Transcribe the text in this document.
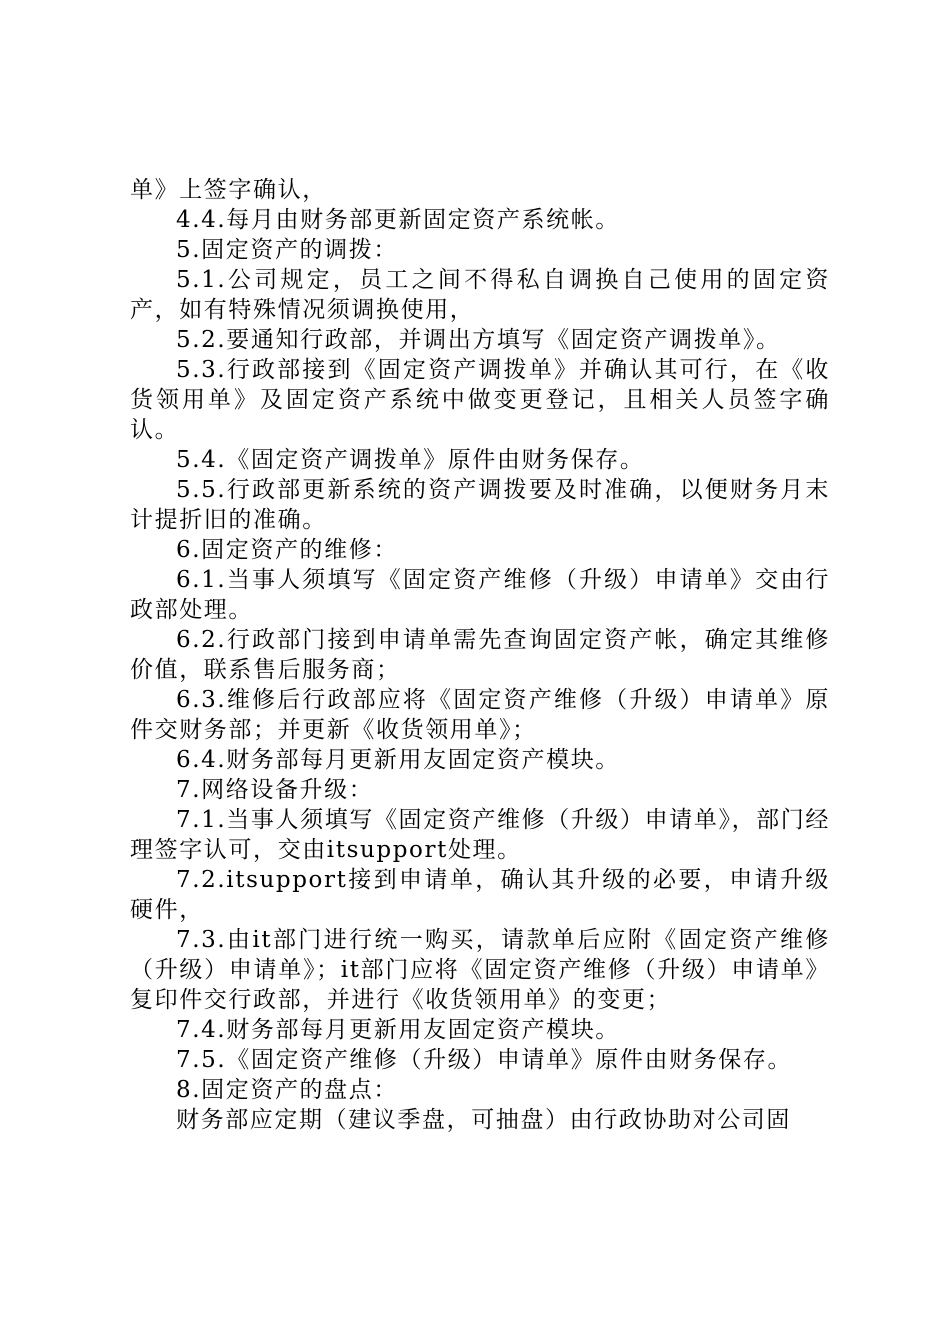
单》上签字确认，

4.4.每月由财务部更新固定资产系统帐。

5.固定资产的调拨：

5.1.公司规定，员工之间不得私自调换自己使用的固定资产，如有特殊情况须调换使用，

5.2.要通知行政部，并调出方填写《固定资产调拨单》。

5.3.行政部接到《固定资产调拨单》并确认其可行，在《收货领用单》及固定资产系统中做变更登记，且相关人员签字确认。

5.4.《固定资产调拨单》原件由财务保存。

5.5.行政部更新系统的资产调拨要及时准确，以便财务月末计提折旧的准确。

6.固定资产的维修：

6.1.当事人须填写《固定资产维修（升级）申请单》交由行政部处理。

6.2.行政部门接到申请单需先查询固定资产帐，确定其维修价值，联系售后服务商；

6.3.维修后行政部应将《固定资产维修（升级）申请单》原件交财务部；并更新《收货领用单》；

6.4.财务部每月更新用友固定资产模块。

7.网络设备升级：

7.1.当事人须填写《固定资产维修（升级）申请单》，部门经理签字认可，交由itsupport处理。

7.2.itsupport接到申请单，确认其升级的必要，申请升级硬件，

7.3.由it部门进行统一购买，请款单后应附《固定资产维修（升级）申请单》；it部门应将《固定资产维修（升级）申请单》复印件交行政部，并进行《收货领用单》的变更；

7.4.财务部每月更新用友固定资产模块。

7.5.《固定资产维修（升级）申请单》原件由财务保存。

8.固定资产的盘点：

财务部应定期（建议季盘，可抽盘）由行政协助对公司固
